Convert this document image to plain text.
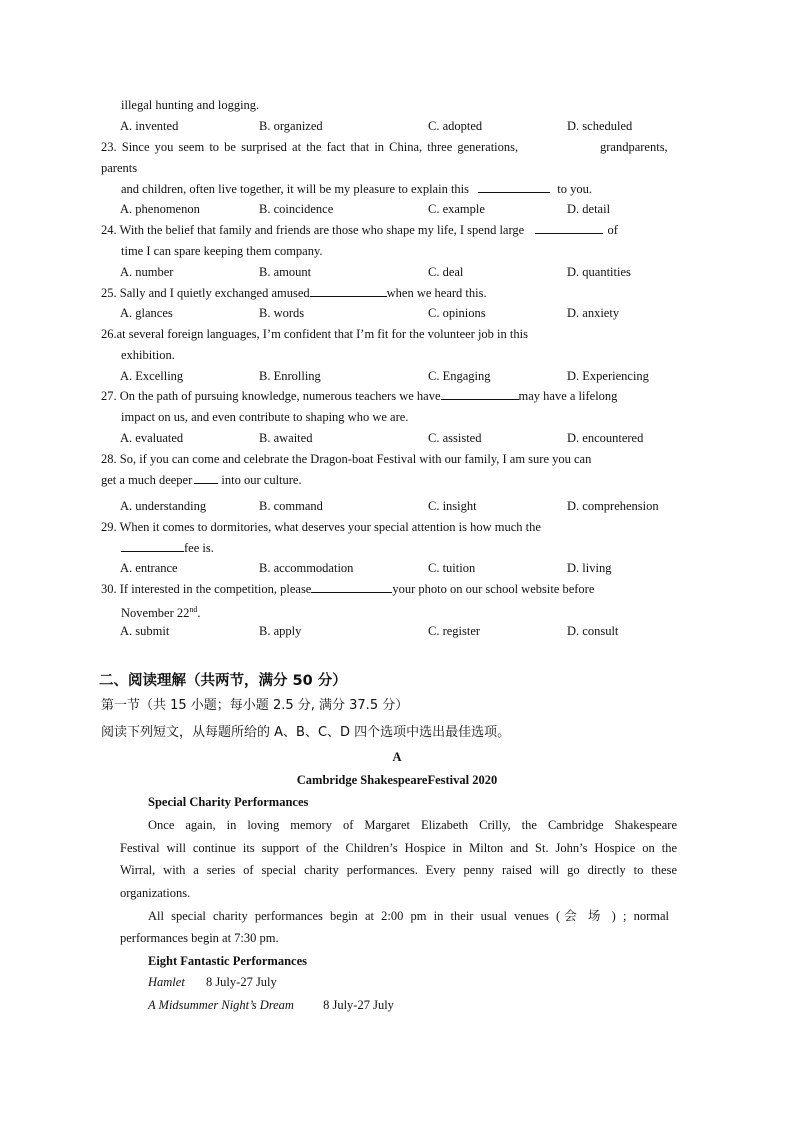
illegal hunting and logging.
A. invented	B. organized	C. adopted	D. scheduled
23. Since you seem to be surprised at the fact that in China, three generations,	grandparents,
parents
and children, often live together, it will be my pleasure to explain this	to you.
A. phenomenon	B. coincidence	C. example	D. detail
24. With the belief that family and friends are those who shape my life, I spend large	of
time I can spare keeping them company.
A. number	B. amount	C. deal	D. quantities
25. Sally and I quietly exchanged amused	when we heard this.
A. glances	B. words	C. opinions	D. anxiety
26.at several foreign languages, I’m confident that I’m fit for the volunteer job in this
exhibition.
A. Excelling	B. Enrolling	C. Engaging	D. Experiencing
27. On the path of pursuing knowledge, numerous teachers we have	may have a lifelong
impact on us, and even contribute to shaping who we are.
A. evaluated	B. awaited	C. assisted	D. encountered
28. So, if you can come and celebrate the Dragon-boat Festival with our family, I am sure you can
get a much deeper into our culture.
A. understanding	B. command	C. insight	D. comprehension
29. When it comes to dormitories, what deserves your special attention is how much the
fee is.
A. entrance	B. accommodation	C. tuition	D. living
30. If interested in the competition, please	your photo on our school website before
November 22nd.
A. submit	B. apply	C. register	D. consult
二、阅读理解（共两节，满分 50 分）
第一节（共 15 小题；每小题 2.5 分, 满分 37.5 分）
阅读下列短文，从每题所给的 A、B、C、D 四个选项中选出最佳选项。
A
Cambridge ShakespeareFestival 2020
Special Charity Performances
Once again, in loving memory of Margaret Elizabeth Crilly, the Cambridge Shakespeare
Festival will continue its support of the Children’s Hospice in Milton and St. John’s Hospice on the
Wirral, with a series of special charity performances. Every penny raised will go directly to these
organizations.
All special charity performances begin at 2:00 pm in their usual venues (会 场 ) ; normal
performances begin at 7:30 pm.
Eight Fantastic Performances
Hamlet 8 July-27 July
A Midsummer Night’s Dream 8 July-27 July
